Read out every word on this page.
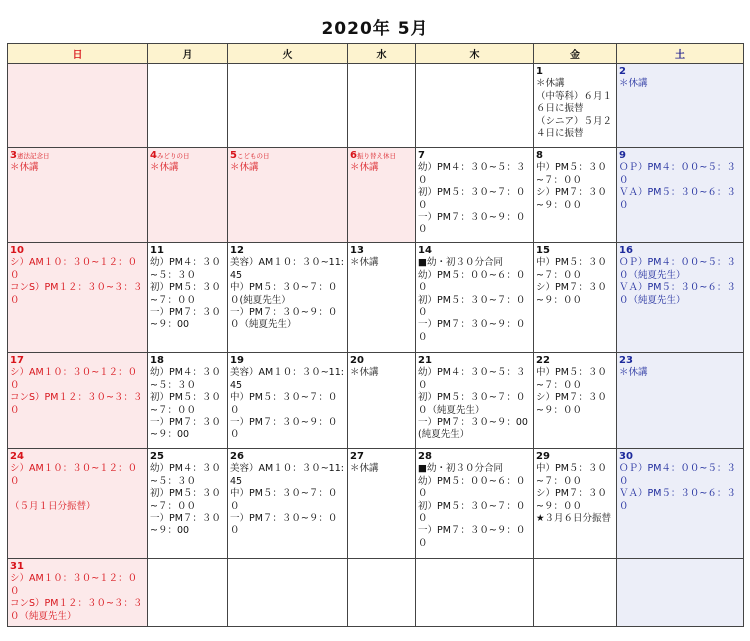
2020年 5月
日	月	火	水	木	金	土

					1
＊休講
（中等科）６月１６日に振替
（シニア）５月２４日に振替	2
＊休講

3憲法記念日
＊休講	4みどりの日
＊休講	5こどもの日
＊休講	6振り替え休日
＊休講	7
幼）PM４：３０~５：３０
初）PM５：３０~７：００
一）PM７：３０~９：００	8
中）PM５：３０~７：００
シ）PM７：３０~９：００	9
ＯＰ）PM４：００~５：３０
ＶＡ）PM５：３０~６：３０

10
シ）AM１０：３０~１２：００
コンS）PM１２：３０~３：３０	11
幼）PM４：３０~５：３０
初）PM５：３０~７：００
一）PM７：３０~９：00	12
美容）AM１０：３０~11:45
中）PM５：３０~７：００(純夏先生）
一）PM７：３０~９：００（純夏先生）	13
＊休講	14
■幼・初３０分合同
幼）PM５：００~６：００
初）PM５：３０~７：００
一）PM７：３０~９：００	15
中）PM５：３０~７：００
シ）PM７：３０~９：００	16
ＯＰ）PM４：００~５：３０（純夏先生）
ＶＡ）PM５：３０~６：３０（純夏先生）

17
シ）AM１０：３０~１２：００
コンS）PM１２：３０~３：３０	18
幼）PM４：３０~５：３０
初）PM５：３０~７：００
一）PM７：３０~９：00	19
美容）AM１０：３０~11:45
中）PM５：３０~７：００
一）PM７：３０~９：００	20
＊休講	21
幼）PM４：３０~５：３０
初）PM５：３０~７：００（純夏先生）
一）PM７：３０~９：00(純夏先生）	22
中）PM５：３０~７：００
シ）PM７：３０~９：００	23
＊休講

24
シ）AM１０：３０~１２：００

（５月１日分振替）	25
幼）PM４：３０~５：３０
初）PM５：３０~７：００
一）PM７：３０~９：00	26
美容）AM１０：３０~11:45
中）PM５：３０~７：００
一）PM７：３０~９：００	27
＊休講	28
■幼・初３０分合同
幼）PM５：００~６：００
初）PM５：３０~７：００
一）PM７：３０~９：００	29
中）PM５：３０~７：００
シ）PM７：３０~９：００
★３月６日分振替	30
ＯＰ）PM４：００~５：３０
ＶＡ）PM５：３０~６：３０

31
シ）AM１０：３０~１２：００
コンS）PM１２：３０~３：３０（純夏先生）						
